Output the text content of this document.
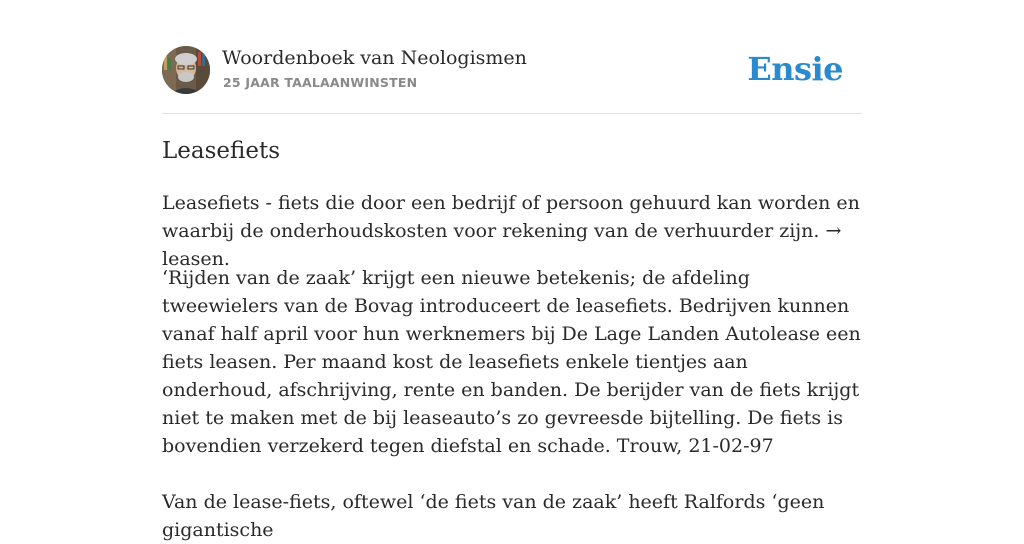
Woordenboek van Neologismen
25 JAAR TAALAANWINSTEN	Ensie
Leasefiets

Leasefiets - fiets die door een bedrijf of persoon gehuurd kan worden en waarbij de onderhoudskosten voor rekening van de verhuurder zijn. → leasen.

‘Rijden van de zaak’ krijgt een nieuwe betekenis; de afdeling tweewielers van de Bovag introduceert de leasefiets. Bedrijven kunnen vanaf half april voor hun werknemers bij De Lage Landen Autolease een fiets leasen. Per maand kost de leasefiets enkele tientjes aan onderhoud, afschrijving, rente en banden. De berijder van de fiets krijgt niet te maken met de bij leaseauto’s zo gevreesde bijtelling. De fiets is bovendien verzekerd tegen diefstal en schade. Trouw, 21-02-97

Van de lease-fiets, oftewel ‘de fiets van de zaak’ heeft Ralfords ‘geen gigantische
